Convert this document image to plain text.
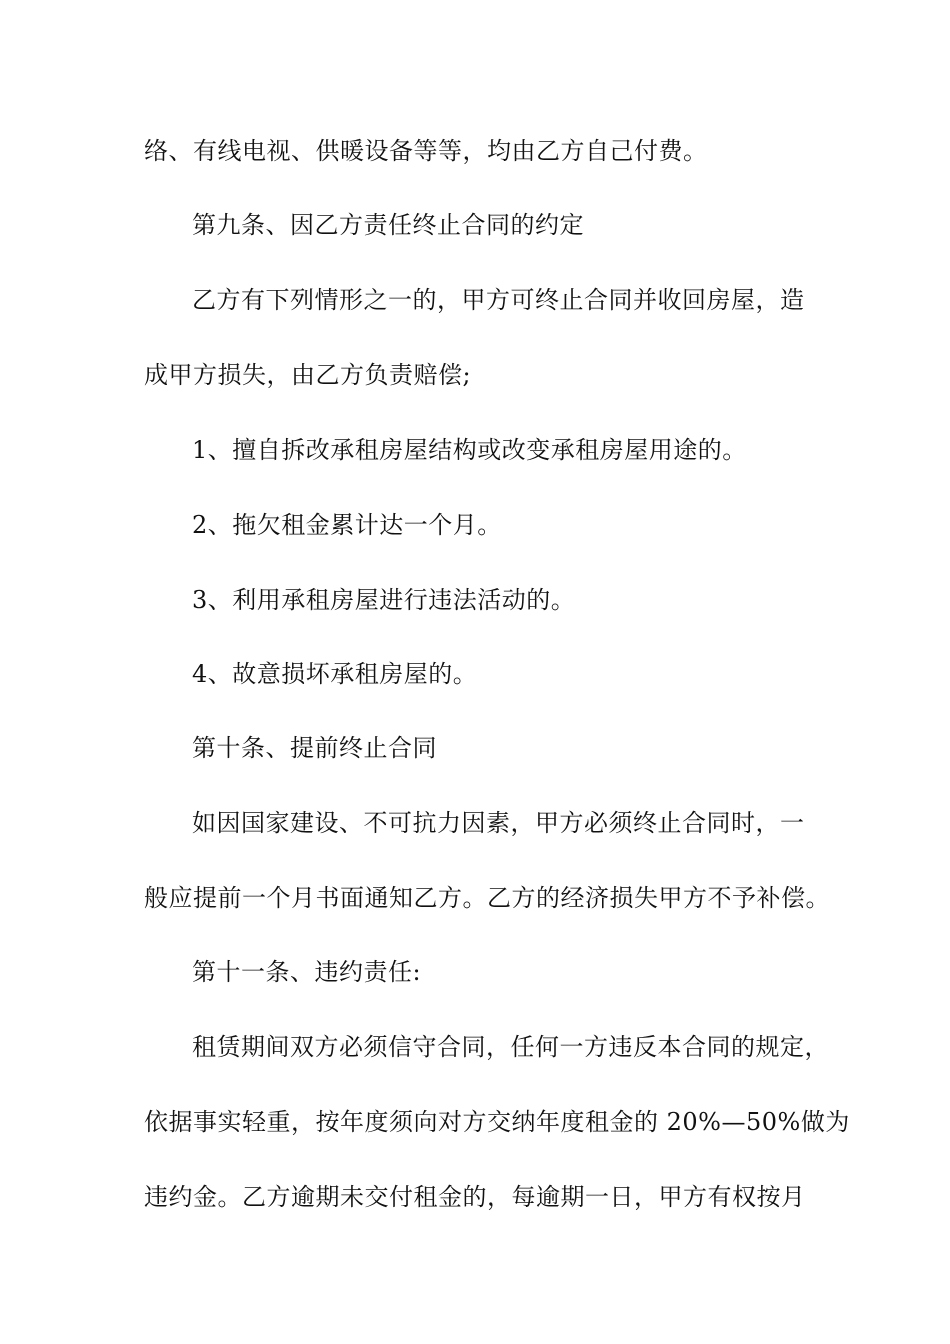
络、有线电视、供暖设备等等，均由乙方自己付费。
第九条、因乙方责任终止合同的约定
乙方有下列情形之一的，甲方可终止合同并收回房屋，造
成甲方损失，由乙方负责赔偿;
1、擅自拆改承租房屋结构或改变承租房屋用途的。
2、拖欠租金累计达一个月。
3、利用承租房屋进行违法活动的。
4、故意损坏承租房屋的。
第十条、提前终止合同
如因国家建设、不可抗力因素，甲方必须终止合同时，一
般应提前一个月书面通知乙方。乙方的经济损失甲方不予补偿。
第十一条、违约责任:
租赁期间双方必须信守合同，任何一方违反本合同的规定，
依据事实轻重，按年度须向对方交纳年度租金的 20%—50%做为
违约金。乙方逾期未交付租金的，每逾期一日，甲方有权按月
